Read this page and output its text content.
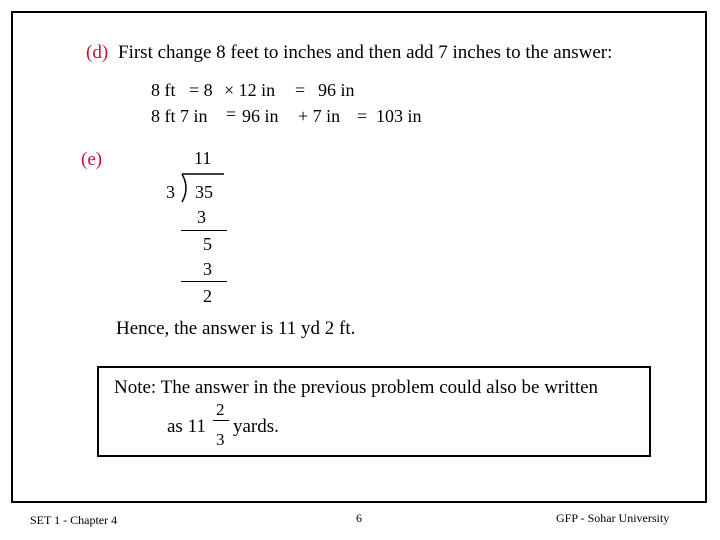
(d) First change 8 feet to inches and then add 7 inches to the answer:
8 ft = 8 × 12 in = 96 in
8 ft 7 in = 96 in + 7 in = 103 in
(e)	11
3 35
3
5
3
2
Hence, the answer is 11 yd 2 ft.
Note: The answer in the previous problem could also be written
as 11
2
3
yards.
SET 1 - Chapter 4	6	GFP - Sohar University
